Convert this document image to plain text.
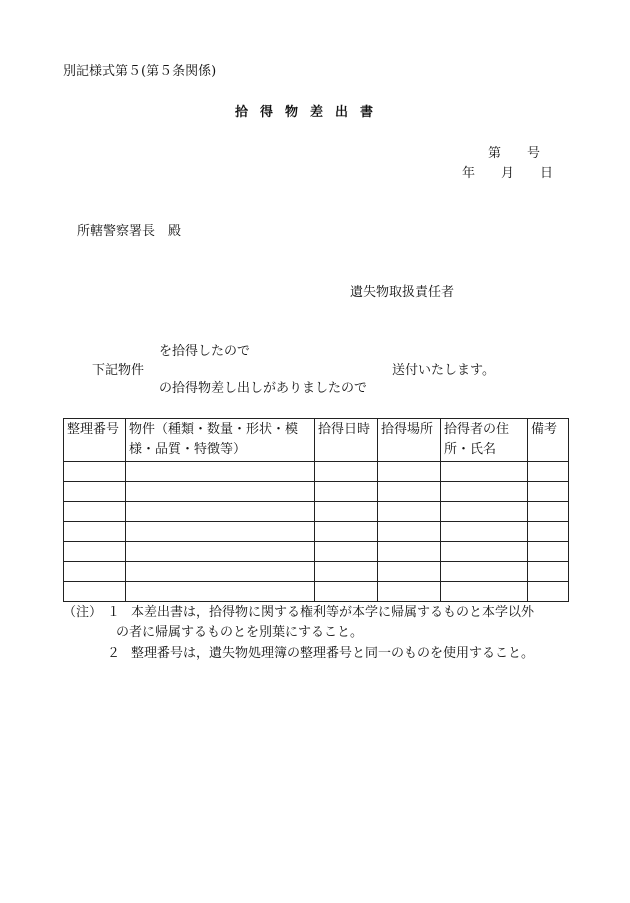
別記様式第５(第５条関係)
拾得物差出書
第　　号
年　　月　　日
所轄警察署長　殿
遺失物取扱責任者
を拾得したので
下記物件	送付いたします。
の拾得物差し出しがありましたので
整理番号	物件（種類・数量・形状・模様・品質・特徴等）	拾得日時	拾得場所	拾得者の住所・氏名	備考

（注） １ 本差出書は，拾得物に関する権利等が本学に帰属するものと本学以外
の者に帰属するものとを別葉にすること。
２ 整理番号は，遺失物処理簿の整理番号と同一のものを使用すること。
